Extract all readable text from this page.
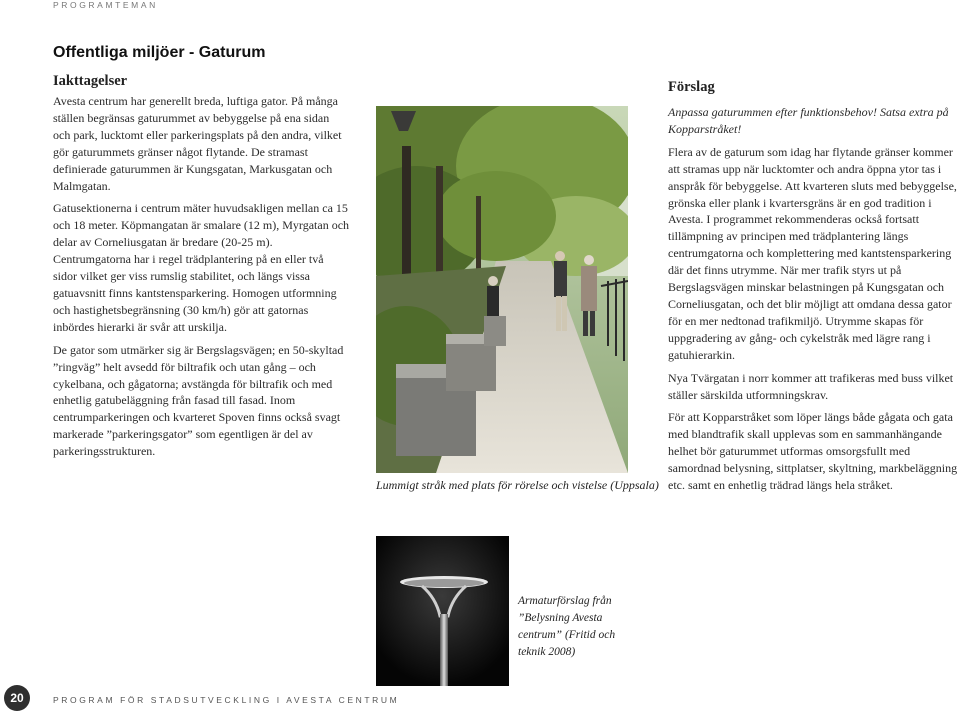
PROGRAMTEMAN
Offentliga miljöer - Gaturum
Iakttagelser

Avesta centrum har generellt breda, luftiga gator. På många ställen begränsas gaturummet av bebyggelse på ena sidan och park, lucktomt eller parkeringsplats på den andra, vilket gör gaturummets gränser något flytande. De stramast definierade gaturummen är Kungsgatan, Markusgatan och Malmgatan.

Gatusektionerna i centrum mäter huvudsakligen mellan ca 15 och 18 meter. Köpmangatan är smalare (12 m), Myrgatan och delar av Corneliusgatan är bredare (20-25 m). Centrumgatorna har i regel trädplantering på en eller två sidor vilket ger viss rumslig stabilitet, och längs vissa gatuavsnitt finns kantstensparkering. Homogen utformning och hastighetsbegränsning (30 km/h) gör att gatornas inbördes hierarki är svår att urskilja.

De gator som utmärker sig är Bergslagsvägen; en 50-skyltad ”ringväg” helt avsedd för biltrafik och utan gång – och cykelbana, och gågatorna; avstängda för biltrafik och med enhetlig gatubeläggning från fasad till fasad. Inom centrumparkeringen och kvarteret Spoven finns också svagt markerade ”parkeringsgator” som egentligen är del av parkeringsstrukturen.

Lummigt stråk med plats för rörelse och vistelse (Uppsala)
Armaturförslag från ”Belysning Avesta centrum” (Fritid och teknik 2008)
Förslag

Anpassa gaturummen efter funktionsbehov! Satsa extra på Kopparstråket!

Flera av de gaturum som idag har flytande gränser kommer att stramas upp när lucktomter och andra öppna ytor tas i anspråk för bebyggelse. Att kvarteren sluts med bebyggelse, grönska eller plank i kvartersgräns är en god tradition i Avesta. I programmet rekommenderas också fortsatt tillämpning av principen med trädplantering längs centrumgatorna och komplettering med kantstensparkering där det finns utrymme. När mer trafik styrs ut på Bergslagsvägen minskar belastningen på Kungsgatan och Corneliusgatan, och det blir möjligt att omdana dessa gator för en mer nedtonad trafikmiljö. Utrymme skapas för uppgradering av gång- och cykelstråk med lägre rang i gatuhierarkin.

Nya Tvärgatan i norr kommer att trafikeras med buss vilket ställer särskilda utformningskrav.

För att Kopparstråket som löper längs både gågata och gata med blandtrafik skall upplevas som en sammanhängande helhet bör gaturummet utformas omsorgsfullt med samordnad belysning, sittplatser, skyltning, markbeläggning etc. samt en enhetlig trädrad längs hela stråket.

20	PROGRAM FÖR STADSUTVECKLING I AVESTA CENTRUM
